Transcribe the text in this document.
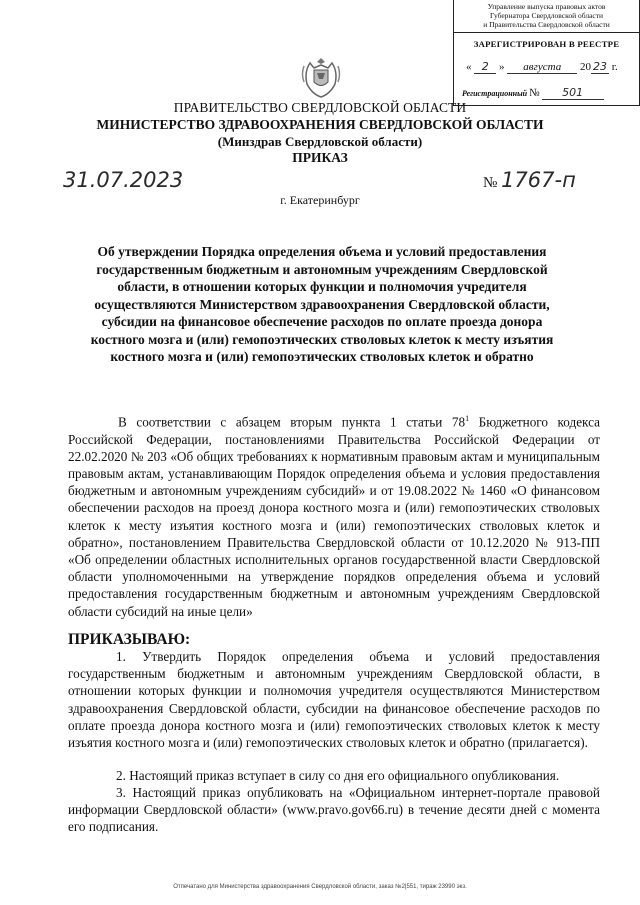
Управление выпуска правовых актов
Губернатора Свердловской области
и Правительства Свердловской области
ЗАРЕГИСТРИРОВАН В РЕЕСТРЕ
« 2 » августа 20 23 г.
Регистрационный № 501
ПРАВИТЕЛЬСТВО СВЕРДЛОВСКОЙ ОБЛАСТИ
МИНИСТЕРСТВО ЗДРАВООХРАНЕНИЯ СВЕРДЛОВСКОЙ ОБЛАСТИ
(Минздрав Свердловской области)
ПРИКАЗ
31.07.2023	№ 1767-п
г. Екатеринбург
Об утверждении Порядка определения объема и условий предоставления государственным бюджетным и автономным учреждениям Свердловской области, в отношении которых функции и полномочия учредителя осуществляются Министерством здравоохранения Свердловской области, субсидии на финансовое обеспечение расходов по оплате проезда донора костного мозга и (или) гемопоэтических стволовых клеток к месту изъятия костного мозга и (или) гемопоэтических стволовых клеток и обратно
В соответствии с абзацем вторым пункта 1 статьи $78^1$ Бюджетного кодекса Российской Федерации, постановлениями Правительства Российской Федерации от 22.02.2020 № 203 «Об общих требованиях к нормативным правовым актам и муниципальным правовым актам, устанавливающим Порядок определения объема и условия предоставления бюджетным и автономным учреждениям субсидий» и от 19.08.2022 № 1460 «О финансовом обеспечении расходов на проезд донора костного мозга и (или) гемопоэтических стволовых клеток к месту изъятия костного мозга и (или) гемопоэтических стволовых клеток и обратно», постановлением Правительства Свердловской области от 10.12.2020 № 913-ПП «Об определении областных исполнительных органов государственной власти Свердловской области уполномоченными на утверждение порядков определения объема и условий предоставления государственным бюджетным и автономным учреждениям Свердловской области субсидий на иные цели»
ПРИКАЗЫВАЮ:
1. Утвердить Порядок определения объема и условий предоставления государственным бюджетным и автономным учреждениям Свердловской области, в отношении которых функции и полномочия учредителя осуществляются Министерством здравоохранения Свердловской области, субсидии на финансовое обеспечение расходов по оплате проезда донора костного мозга и (или) гемопоэтических стволовых клеток к месту изъятия костного мозга и (или) гемопоэтических стволовых клеток и обратно (прилагается).
2. Настоящий приказ вступает в силу со дня его официального опубликования.
3. Настоящий приказ опубликовать на «Официальном интернет-портале правовой информации Свердловской области» (www.pravo.gov66.ru) в течение десяти дней с момента его подписания.
Отпечатано для Министерства здравоохранения Свердловской области, заказ №2|551, тираж 23990 экз.
